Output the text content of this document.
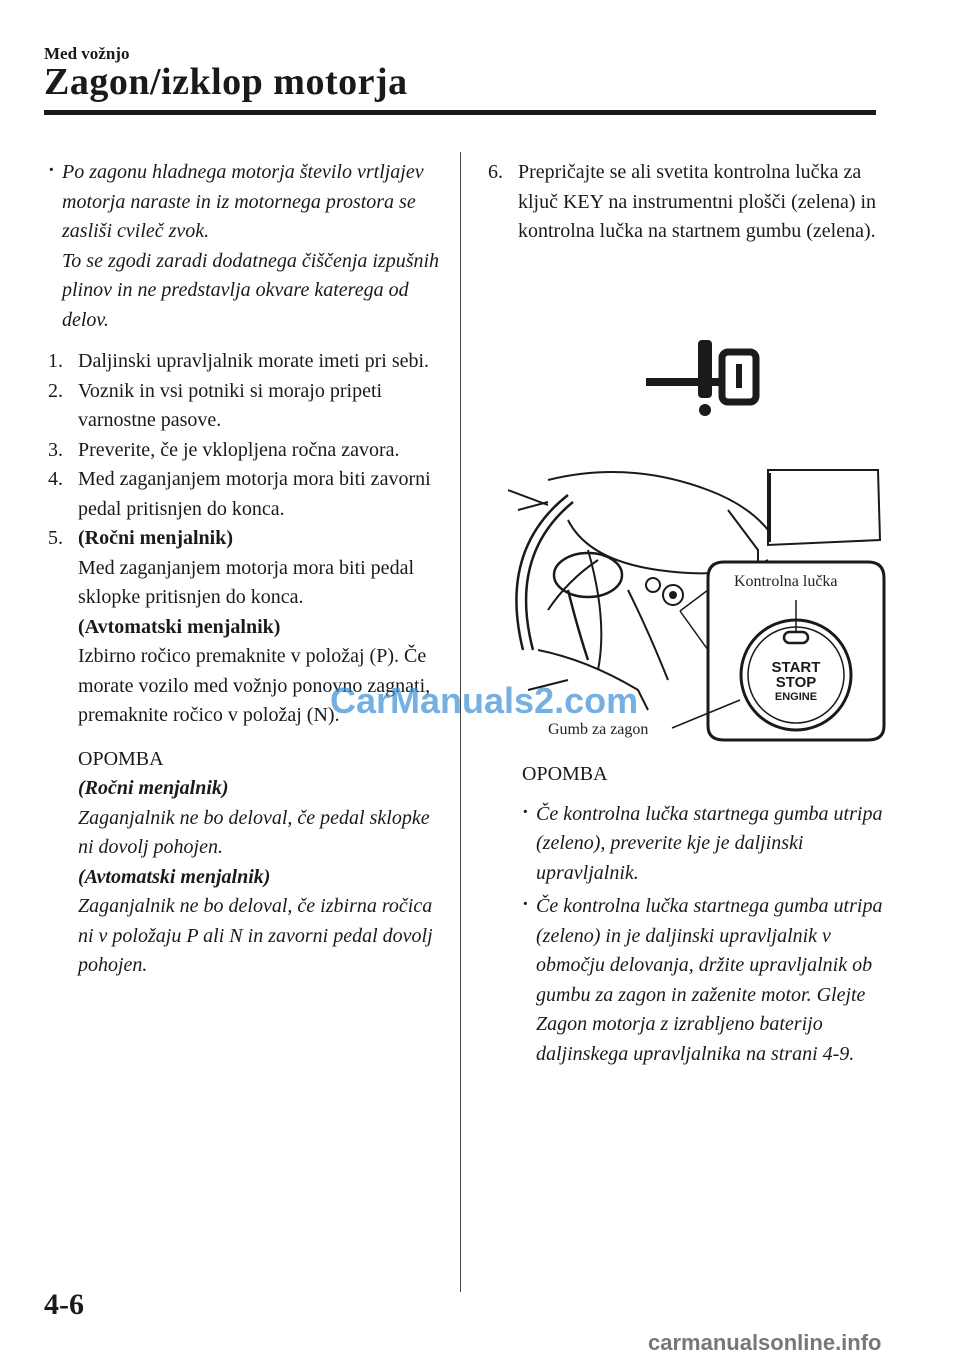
Med vožnjo
Zagon/izklop motorja
· Po zagonu hladnega motorja število vrtljajev motorja naraste in iz motornega prostora se zasliši cvileč zvok.
To se zgodi zaradi dodatnega čiščenja izpušnih plinov in ne predstavlja okvare katerega od delov.
1. Daljinski upravljalnik morate imeti pri sebi.
2. Voznik in vsi potniki si morajo pripeti varnostne pasove.
3. Preverite, če je vklopljena ročna zavora.
4. Med zaganjanjem motorja mora biti zavorni pedal pritisnjen do konca.
5. (Ročni menjalnik)
Med zaganjanjem motorja mora biti pedal sklopke pritisnjen do konca.
(Avtomatski menjalnik)
Izbirno ročico premaknite v položaj (P). Če morate vozilo med vožnjo ponovno zagnati, premaknite ročico v položaj (N).
OPOMBA
(Ročni menjalnik)
Zaganjalnik ne bo deloval, če pedal sklopke ni dovolj pohojen.
(Avtomatski menjalnik)
Zaganjalnik ne bo deloval, če izbirna ročica ni v položaju P ali N in zavorni pedal dovolj pohojen.
6. Prepričajte se ali svetita kontrolna lučka za ključ KEY na instrumentni plošči (zelena) in kontrolna lučka na startnem gumbu (zelena).
START
STOP
ENGINE
Kontrolna lučka
Gumb za zagon
OPOMBA
· Če kontrolna lučka startnega gumba utripa (zeleno), preverite kje je daljinski upravljalnik.
· Če kontrolna lučka startnega gumba utripa (zeleno) in je daljinski upravljalnik v območju delovanja, držite upravljalnik ob gumbu za zagon in zaženite motor. Glejte Zagon motorja z izrabljeno baterijo daljinskega upravljalnika na strani 4-9.
CarManuals2.com
4-6
carmanualsonline.info
